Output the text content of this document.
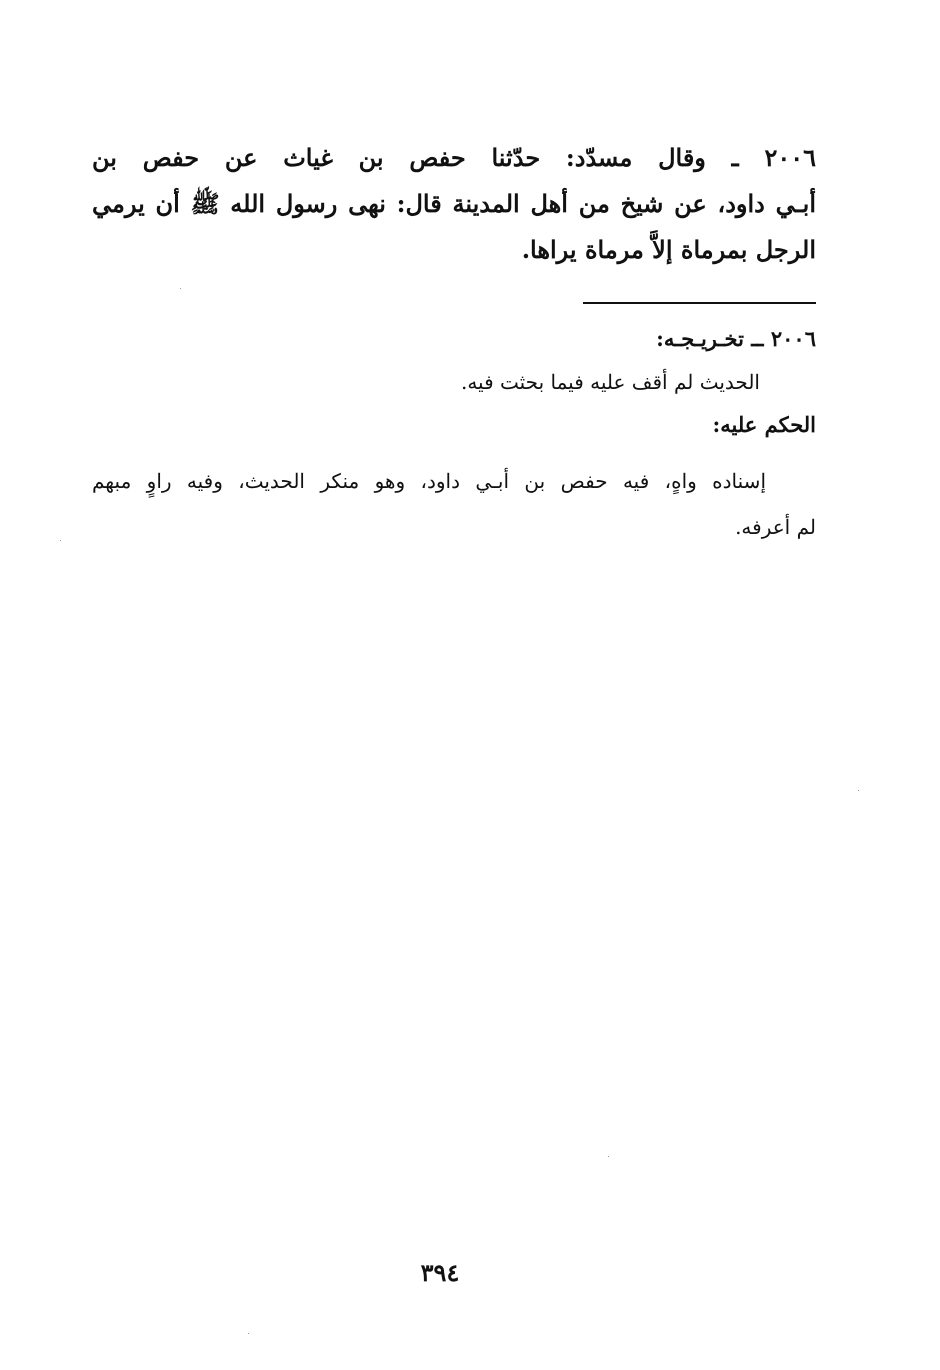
٢٠٠٦ ـ وقال مسدّد: حدّثنا حفص بن غياث عن حفص بن
أبـي داود، عن شيخ من أهل المدينة قال: نهى رسول الله ﷺ أن يرمي
الرجل بمرماة إلاَّ مرماة يراها.
٢٠٠٦ ــ تخـريـجـه:
الحديث لم أقف عليه فيما بحثت فيه.
الحكم عليه:
إسناده واهٍ، فيه حفص بن أبـي داود، وهو منكر الحديث، وفيه راوٍ مبهم
لم أعرفه.
٣٩٤
